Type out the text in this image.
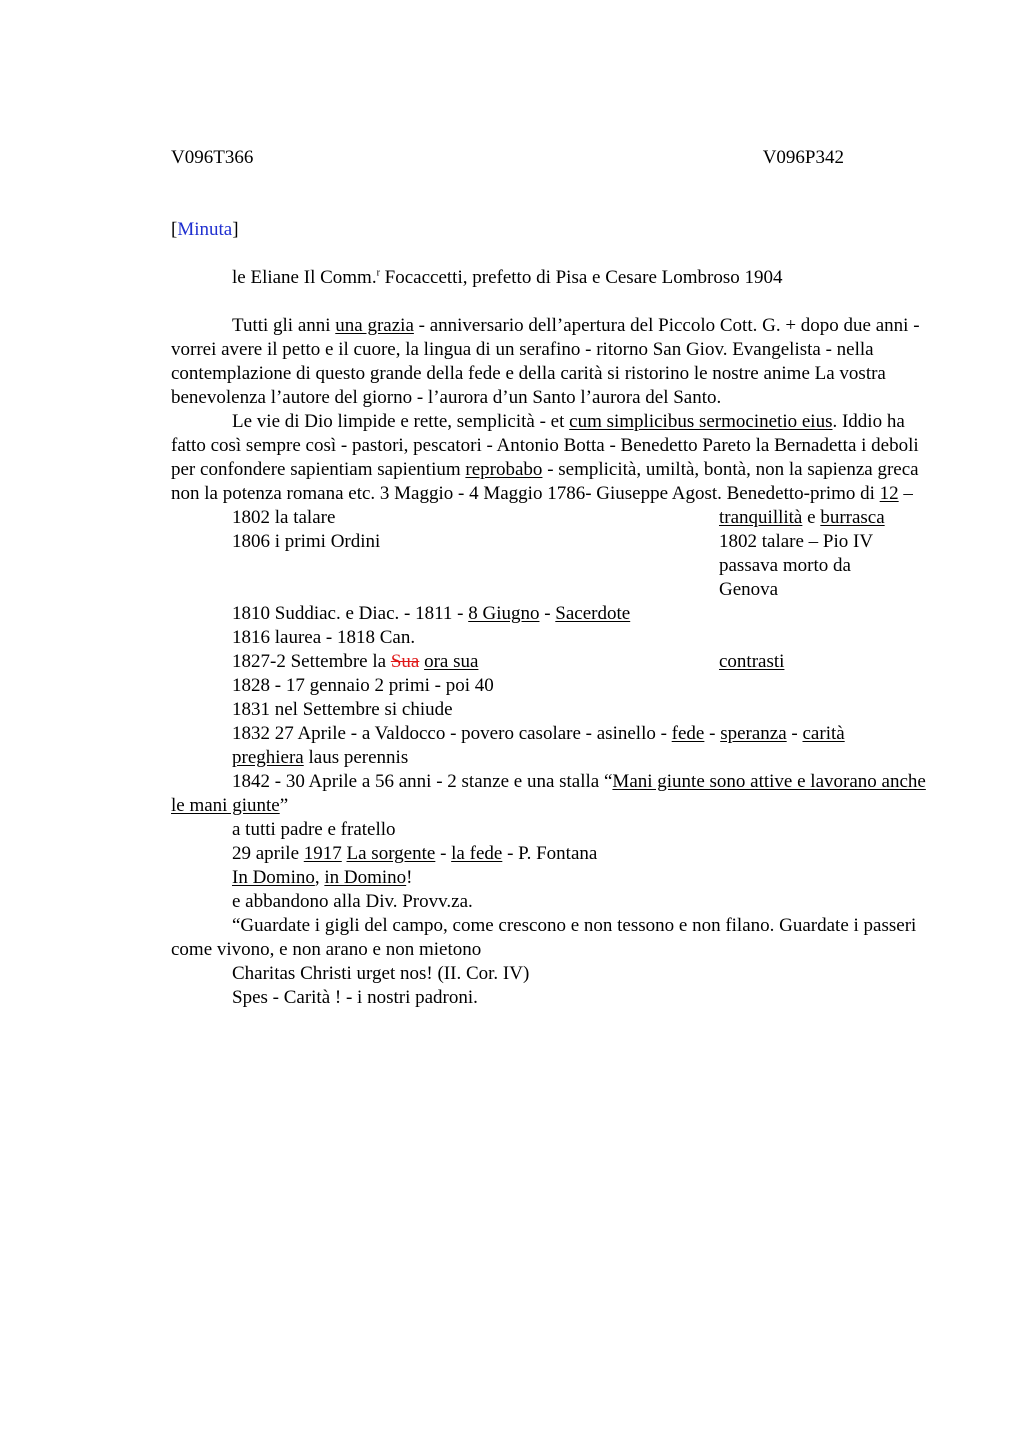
V096T366	V096P342
[Minuta]
le Eliane Il Comm.$^r$ Focaccetti, prefetto di Pisa e Cesare Lombroso 1904

Tutti gli anni una grazia - anniversario dell’apertura del Piccolo Cott. G. + dopo due anni - vorrei avere il petto e il cuore, la lingua di un serafino - ritorno San Giov. Evangelista - nella contemplazione di questo grande della fede e della carità si ristorino le nostre anime La vostra benevolenza l’autore del giorno - l’aurora d’un Santo l’aurora del Santo.

Le vie di Dio limpide e rette, semplicità - et cum simplicibus sermocinetio eius. Iddio ha fatto così sempre così - pastori, pescatori - Antonio Botta - Benedetto Pareto la Bernadetta i deboli per confondere sapientiam sapientium reprobabo - semplicità, umiltà, bontà, non la sapienza greca non la potenza romana etc. 3 Maggio - 4 Maggio 1786- Giuseppe Agost. Benedetto-primo di 12 –

1802 la talare	tranquillità e burrasca
1806 i primi Ordini	1802 talare – Pio IV passava morto da Genova
1810 Suddiac. e Diac. - 1811 - 8 Giugno - Sacerdote
1816 laurea - 1818 Can.
1827-2 Settembre la Sua ora sua	contrasti
1828 - 17 gennaio 2 primi - poi 40
1831 nel Settembre si chiude
1832 27 Aprile - a Valdocco - povero casolare - asinello - fede - speranza - carità
preghiera laus perennis

1842 - 30 Aprile a 56 anni - 2 stanze e una stalla “Mani giunte sono attive e lavorano anche le mani giunte”

a tutti padre e fratello
29 aprile 1917 La sorgente - la fede - P. Fontana
In Domino, in Domino!
e abbandono alla Div. Provv.za.

“Guardate i gigli del campo, come crescono e non tessono e non filano. Guardate i passeri come vivono, e non arano e non mietono

Charitas Christi urget nos! (II. Cor. IV)
Spes - Carità ! - i nostri padroni.
